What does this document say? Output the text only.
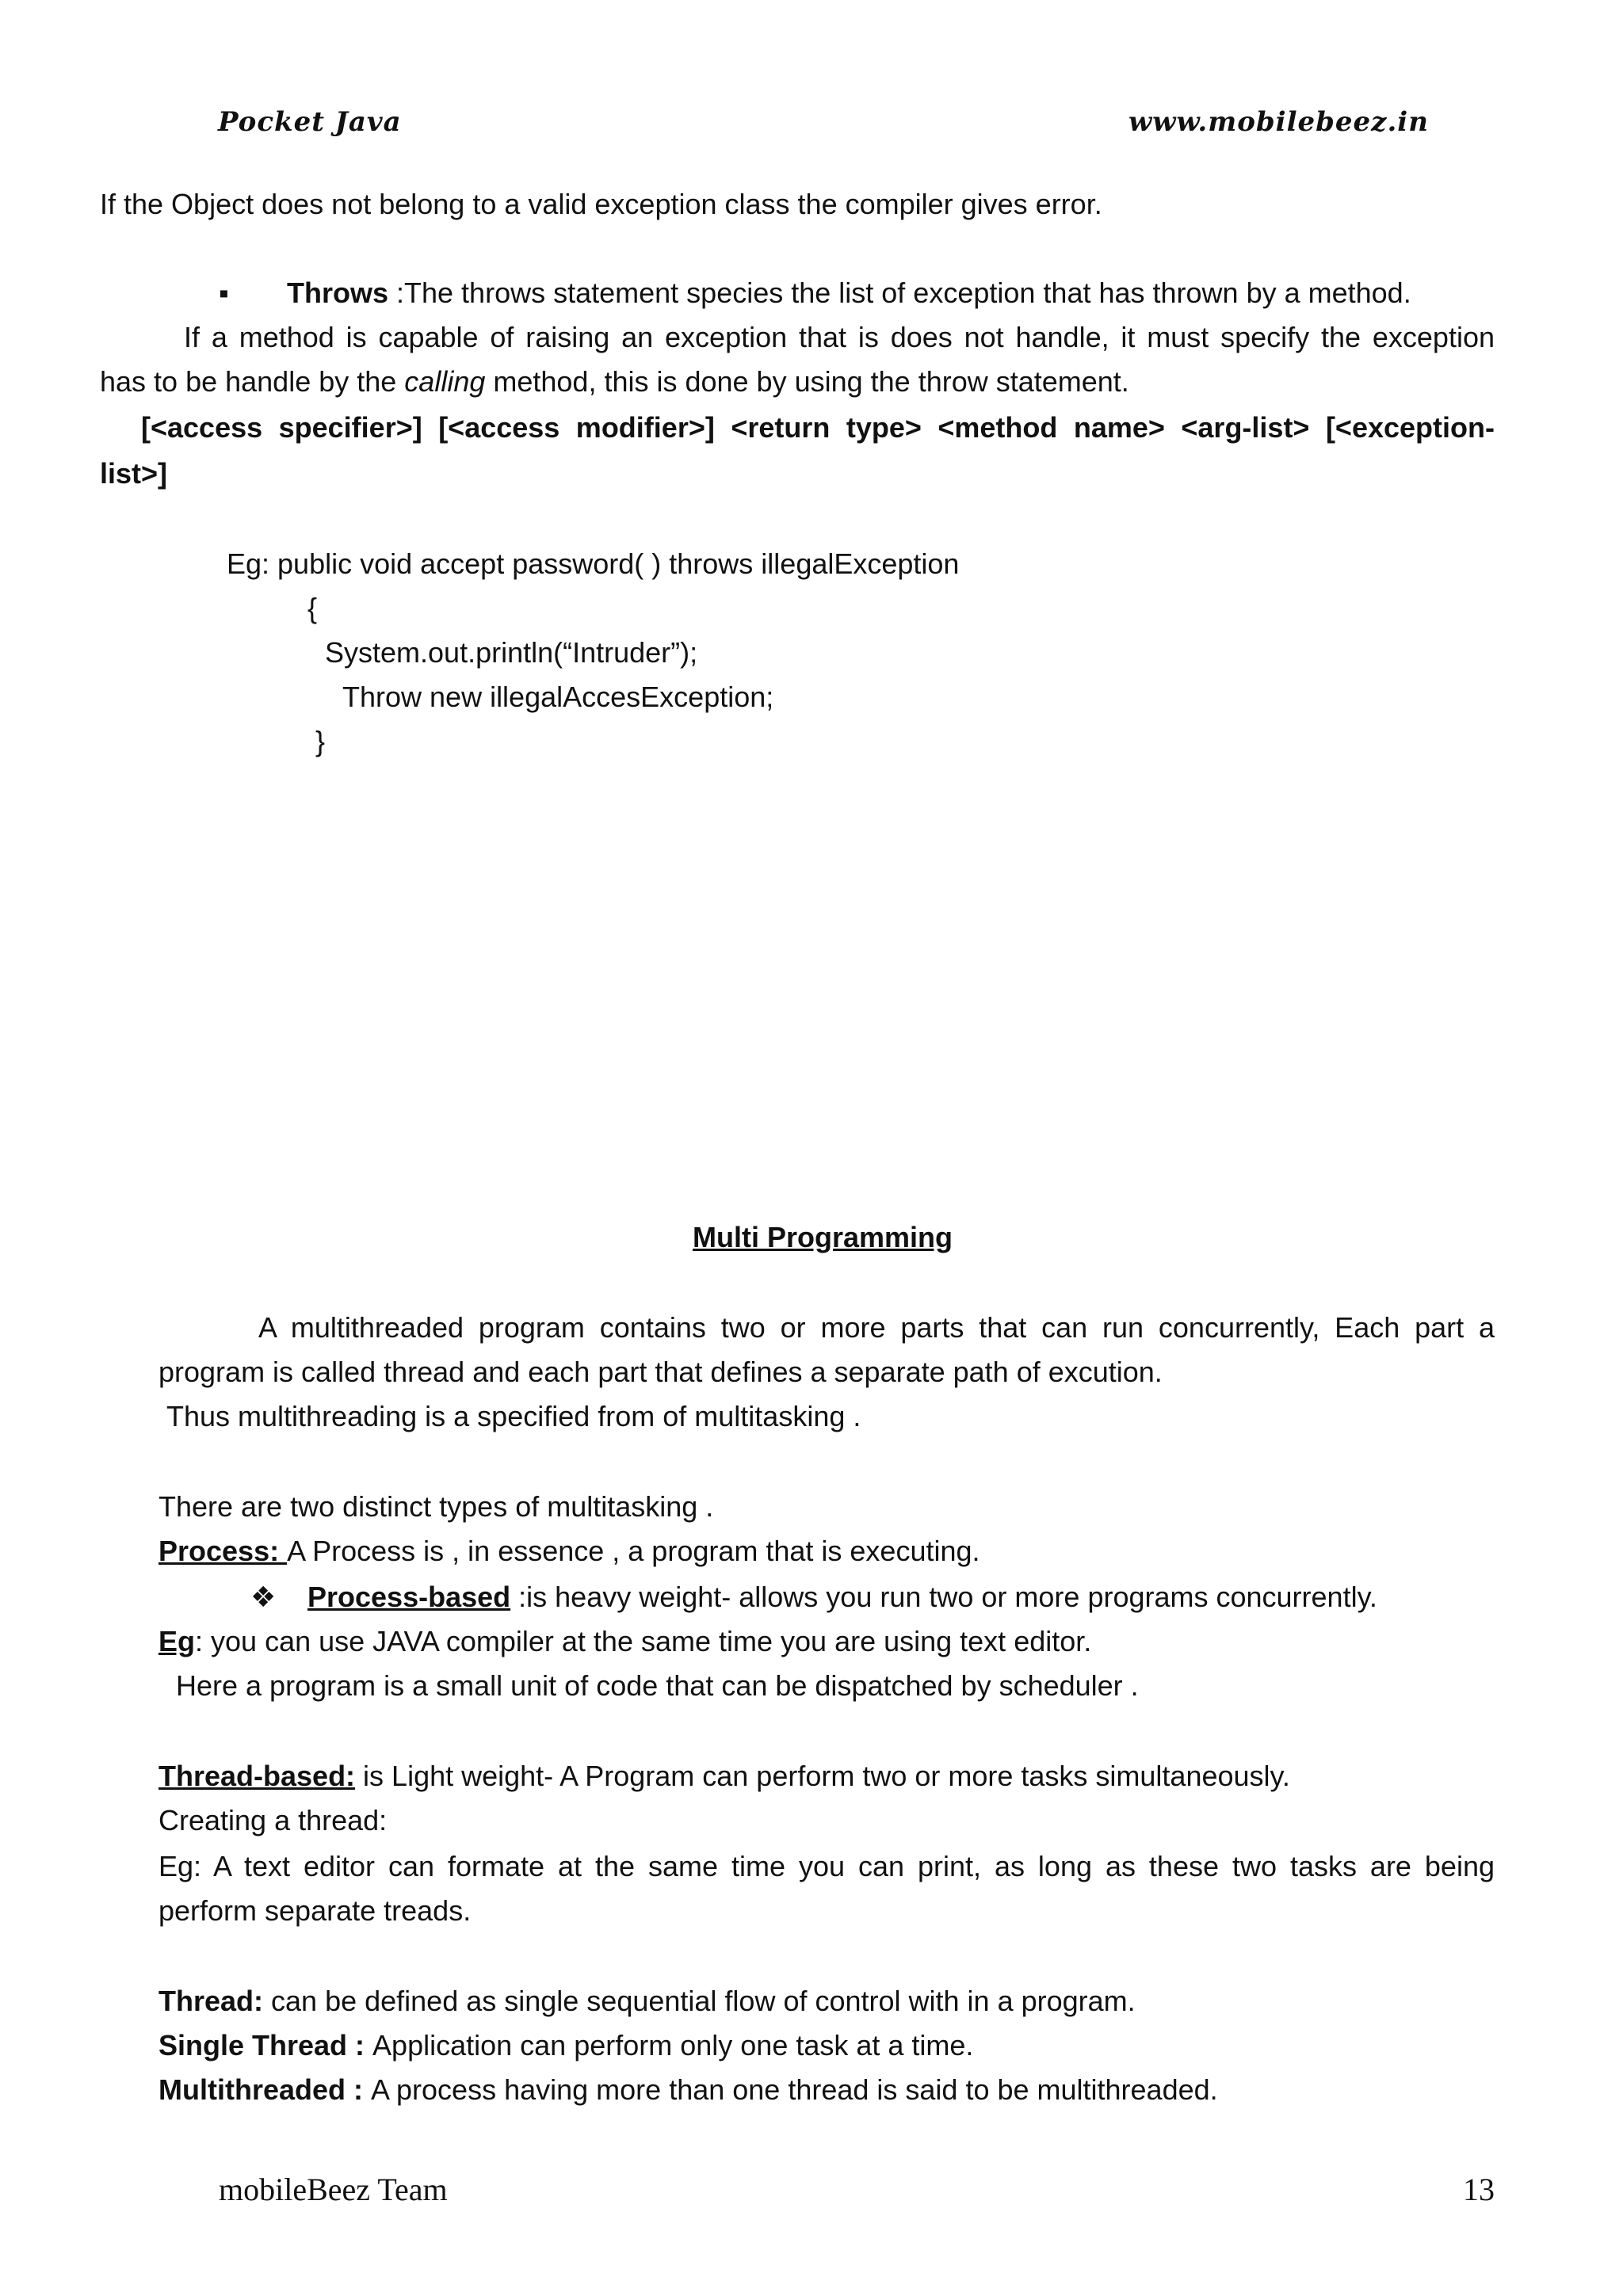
Pocket Java	www.mobilebeez.in
If the Object does not belong to a valid exception class the compiler gives error.
▪ Throws :The throws statement species the list of exception that has thrown by a method.
If a method is capable of raising an exception that is does not handle, it must specify the exception
has to be handle by the calling method, this is done by using the throw statement.
[<access specifier>] [<access modifier>] <return type> <method name> <arg-list> [<exception-
list>]
Eg: public void accept password( ) throws illegalException
{
System.out.println(“Intruder”);
Throw new illegalAccesException;
}
Multi Programming
A multithreaded program contains two or more parts that can run concurrently, Each part a
program is called thread and each part that defines a separate path of excution.
Thus multithreading is a specified from of multitasking .
There are two distinct types of multitasking .
Process: A Process is , in essence , a program that is executing.
❖ Process-based :is heavy weight- allows you run two or more programs concurrently.
Eg: you can use JAVA compiler at the same time you are using text editor.
Here a program is a small unit of code that can be dispatched by scheduler .
Thread-based: is Light weight- A Program can perform two or more tasks simultaneously.
Creating a thread:
Eg: A text editor can formate at the same time you can print, as long as these two tasks are being
perform separate treads.
Thread: can be defined as single sequential flow of control with in a program.
Single Thread : Application can perform only one task at a time.
Multithreaded : A process having more than one thread is said to be multithreaded.
mobileBeez Team	13
